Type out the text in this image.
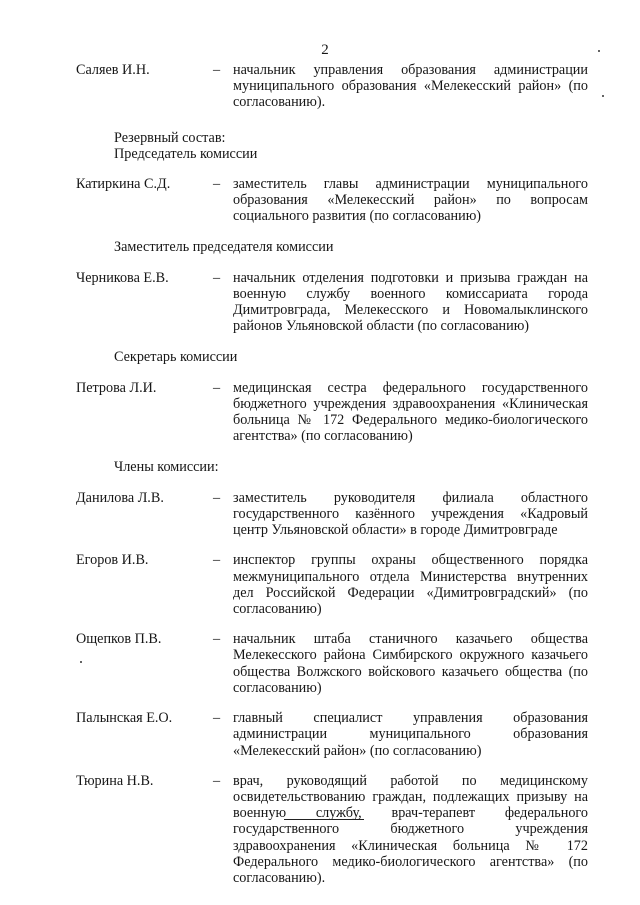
2
Саляев И.Н.	– начальник управления образования администрации муниципального образования «Мелекесский район» (по согласованию).
Резервный состав:
Председатель комиссии
Катиркина С.Д.	– заместитель главы администрации муниципального образования «Мелекесский район» по вопросам социального развития (по согласованию)
Заместитель председателя комиссии
Черникова Е.В.	– начальник отделения подготовки и призыва граждан на военную службу военного комиссариата города Димитровграда, Мелекесского и Новомалыклинского районов Ульяновской области (по согласованию)
Секретарь комиссии
Петрова Л.И.	– медицинская сестра федерального государственного бюджетного учреждения здравоохранения «Клиническая больница № 172 Федерального медико-биологического агентства» (по согласованию)
Члены комиссии:
Данилова Л.В.	– заместитель руководителя филиала областного государственного казённого учреждения «Кадровый центр Ульяновской области» в городе Димитровграде
Егоров И.В.	– инспектор группы охраны общественного порядка межмуниципального отдела Министерства внутренних дел Российской Федерации «Димитровградский» (по согласованию)
Ощепков П.В.	– начальник штаба станичного казачьего общества Мелекесского района Симбирского окружного казачьего общества Волжского войскового казачьего общества (по согласованию)
Палынская Е.О.	– главный специалист управления образования администрации муниципального образования «Мелекесский район» (по согласованию)
Тюрина Н.В.	– врач, руководящий работой по медицинскому освидетельствованию граждан, подлежащих призыву на военную службу, врач-терапевт федерального государственного бюджетного учреждения здравоохранения «Клиническая больница № 172 Федерального медико-биологического агентства» (по согласованию).
